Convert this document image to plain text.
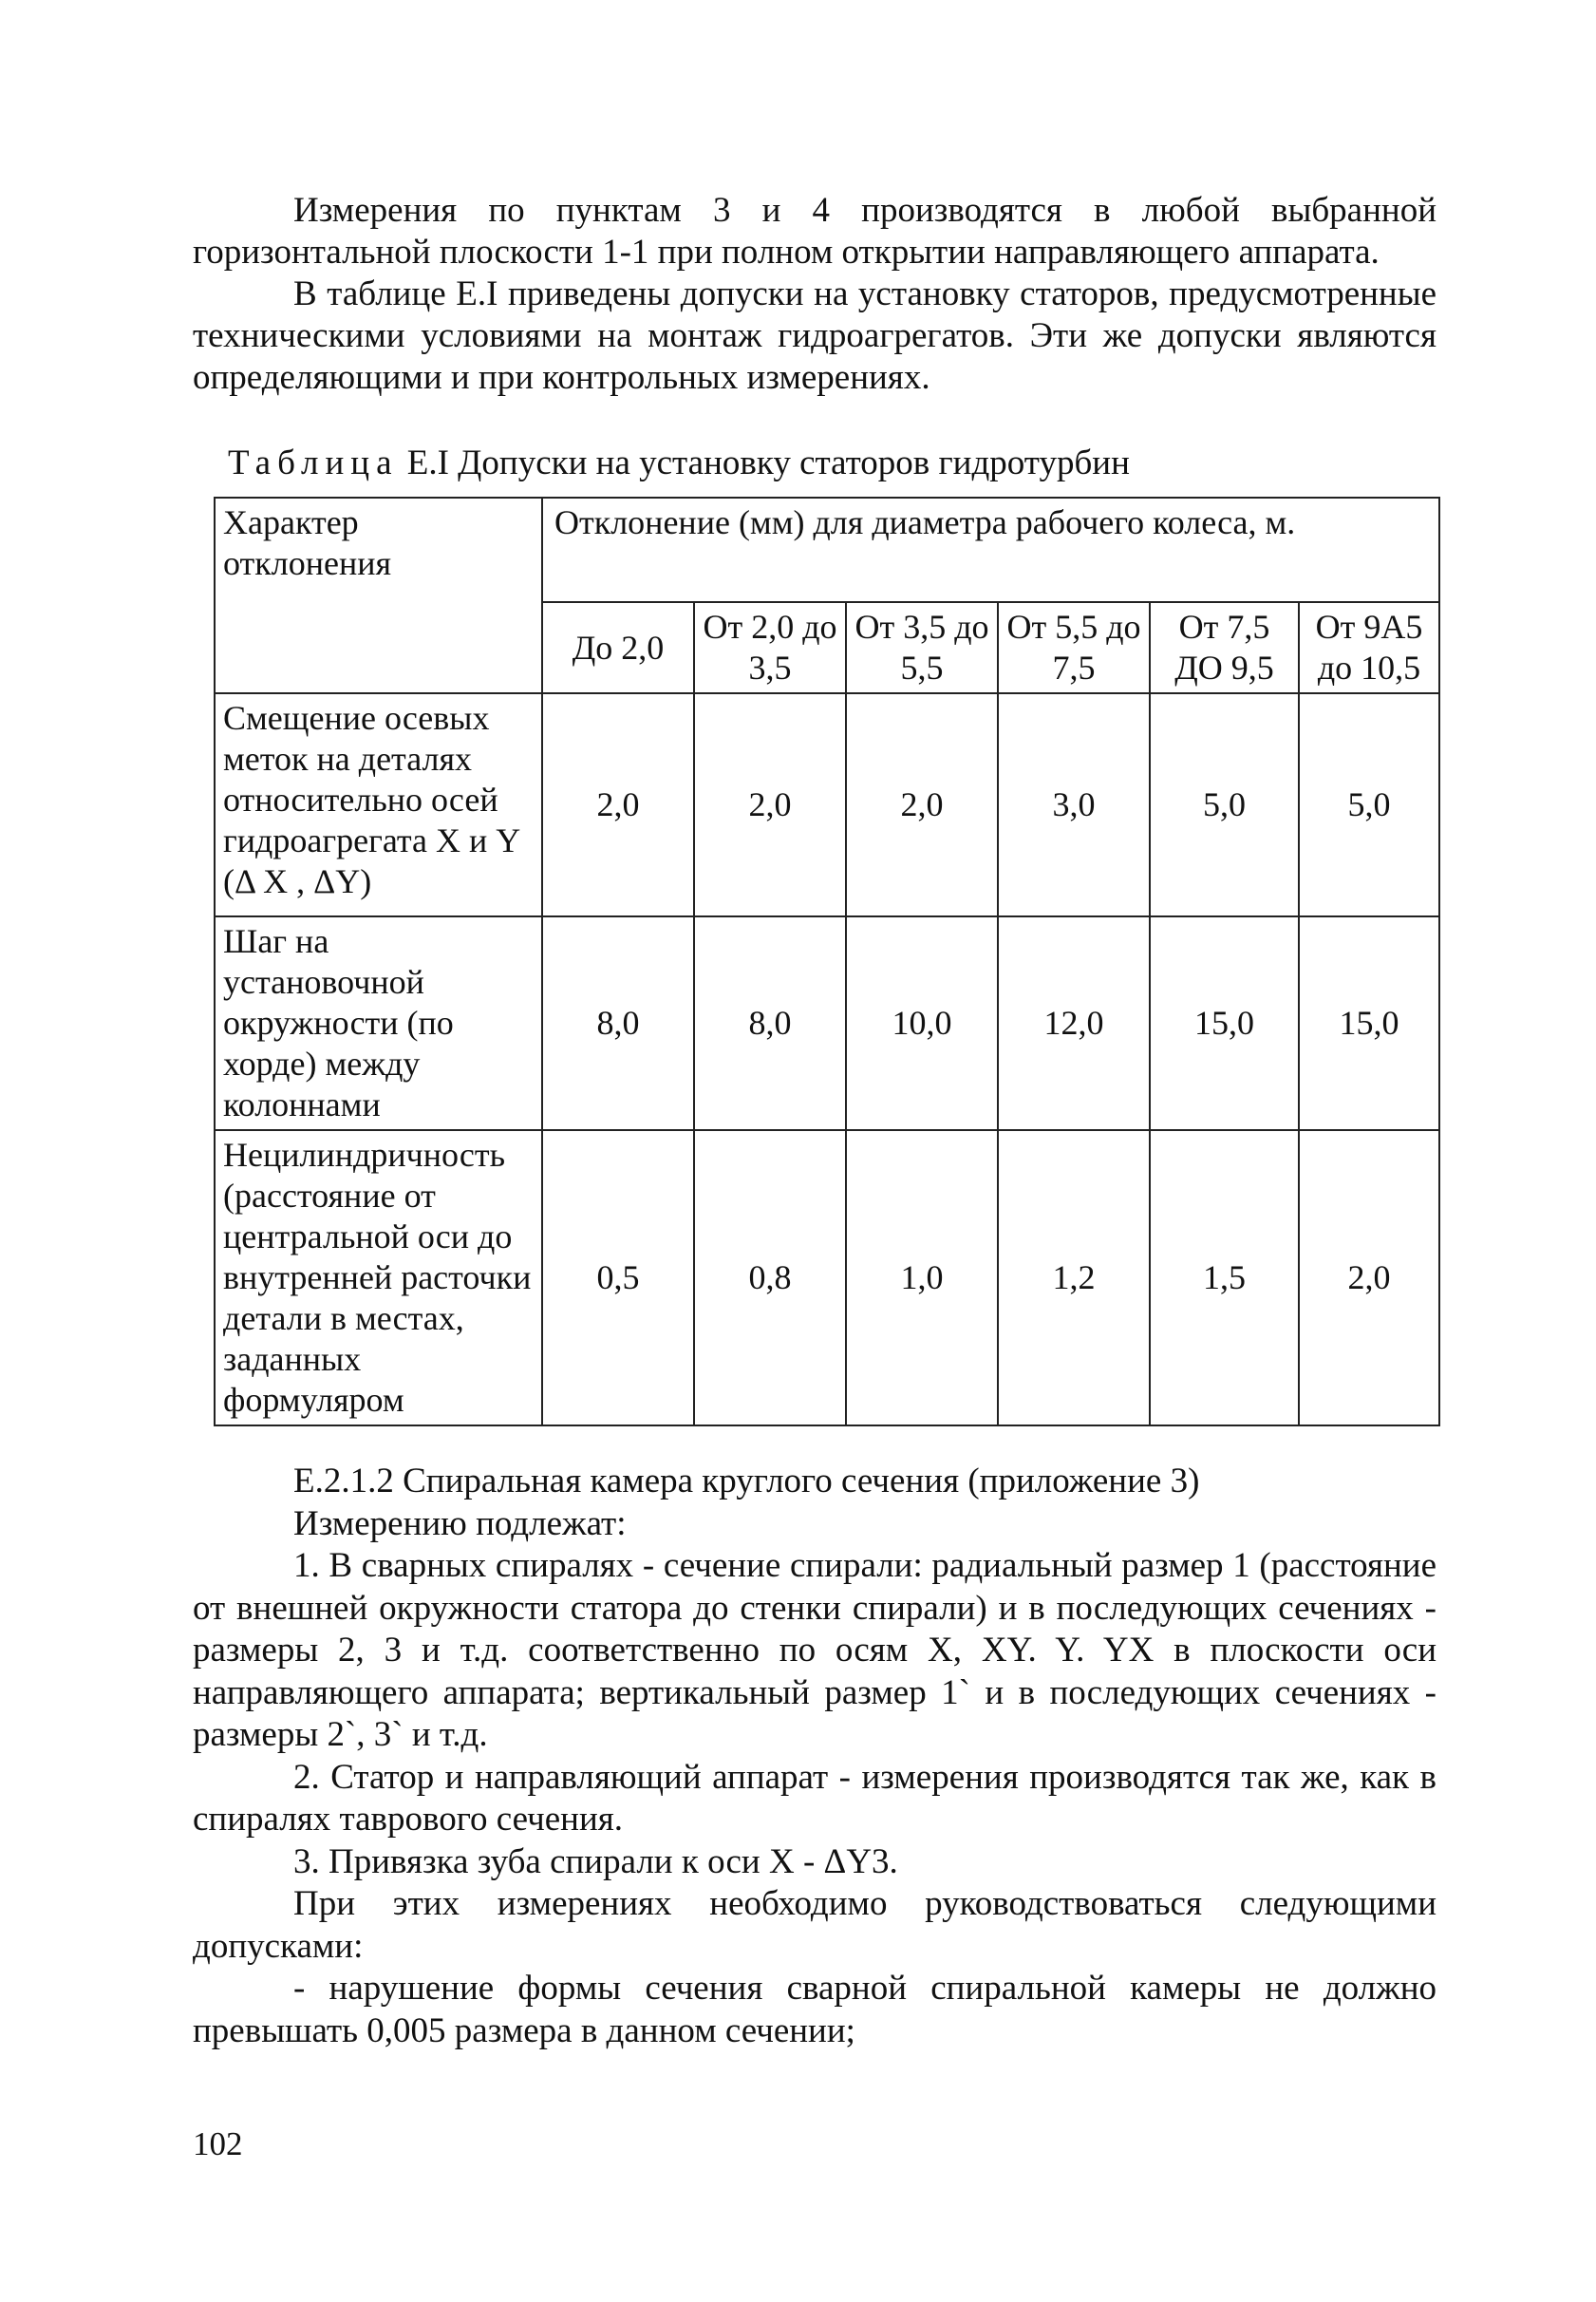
Измерения по пунктам 3 и 4 производятся в любой выбранной горизонтальной плоскости 1-1 при полном открытии направляющего аппарата.

В таблице E.I приведены допуски на установку статоров, предусмотренные техническими условиями на монтаж гидроагрегатов. Эти же допуски являются определяющими и при контрольных измерениях.

Таблица E.I Допуски на установку статоров гидротурбин
Характер отклонения	Отклонение (мм) для диаметра рабочего колеса, м.					
	До 2,0	От 2,0 до 3,5	От 3,5 до 5,5	От 5,5 до 7,5	От 7,5 ДО 9,5	От 9А5 до 10,5
Смещение осевых меток на деталях относительно осей гидроагрегата X и Y (Δ X , ΔY)	2,0	2,0	2,0	3,0	5,0	5,0
Шаг на установочной окружности (по хорде) между колоннами	8,0	8,0	10,0	12,0	15,0	15,0
Нецилиндричность (расстояние от центральной оси до внутренней расточки детали в местах, заданных формуляром	0,5	0,8	1,0	1,2	1,5	2,0

Е.2.1.2 Спиральная камера круглого сечения (приложение 3)

Измерению подлежат:

1. В сварных спиралях - сечение спирали: радиальный размер 1 (расстояние от внешней окружности статора до стенки спирали) и в последующих сечениях - размеры 2, 3 и т.д. соответственно по осям X, XY. Y. YX в плоскости оси направляющего аппарата; вертикальный размер 1` и в последующих сечениях - размеры 2`, 3` и т.д.

2. Статор и направляющий аппарат - измерения производятся так же, как в спиралях таврового сечения.

3. Привязка зуба спирали к оси X - ΔY3.

При этих измерениях необходимо руководствоваться следующими допусками:

- нарушение формы сечения сварной спиральной камеры не должно превышать 0,005 размера в данном сечении;

102
